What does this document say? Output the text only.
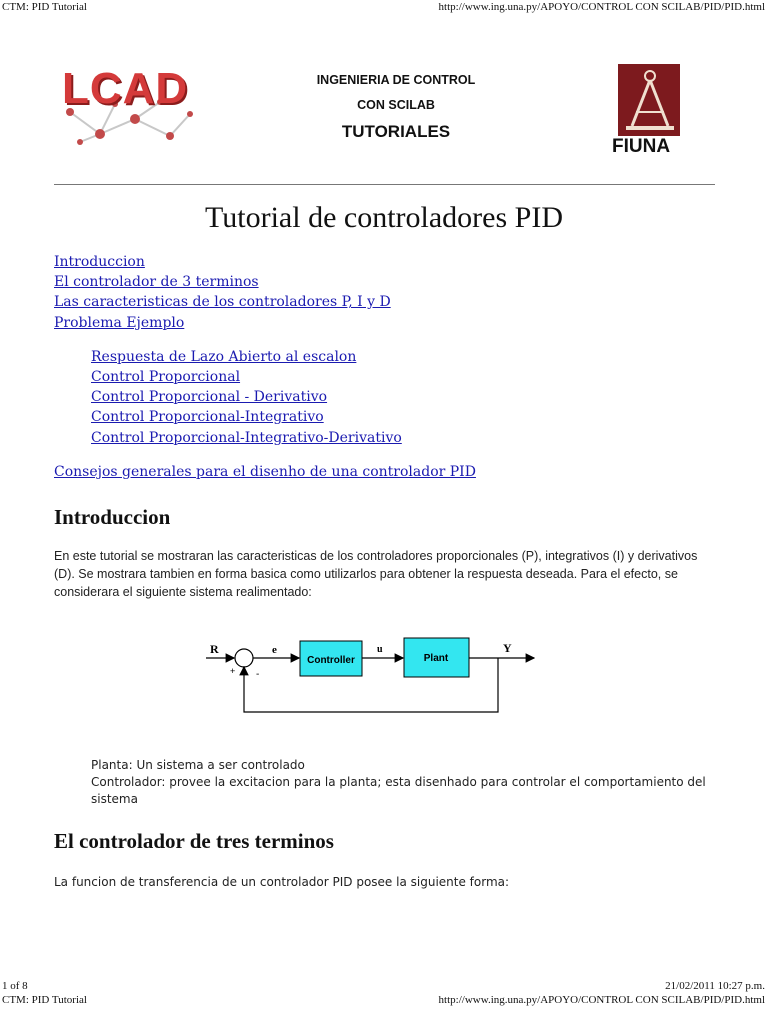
CTM: PID Tutorial	http://www.ing.una.py/APOYO/CONTROL CON SCILAB/PID/PID.html
LCAD	INGENIERIA DE CONTROL
CON SCILAB
TUTORIALES
FIUNA
Tutorial de controladores PID
Introduccion
El controlador de 3 terminos
Las caracteristicas de los controladores P, I y D
Problema Ejemplo
Respuesta de Lazo Abierto al escalon
Control Proporcional
Control Proporcional - Derivativo
Control Proporcional-Integrativo
Control Proporcional-Integrativo-Derivativo
Consejos generales para el disenho de una controlador PID
Introduccion
En este tutorial se mostraran las caracteristicas de los controladores proporcionales (P), integrativos (I) y derivativos (D). Se mostrara tambien en forma basica como utilizarlos para obtener la respuesta deseada. Para el efecto, se considerara el siguiente sistema realimentado:
R
+ -
e
Controller
u
Plant
Y
Planta: Un sistema a ser controlado
Controlador: provee la excitacion para la planta; esta disenhado para controlar el comportamiento del sistema
El controlador de tres terminos
La funcion de transferencia de un controlador PID posee la siguiente forma:
1 of 8	21/02/2011 10:27 p.m.
CTM: PID Tutorial	http://www.ing.una.py/APOYO/CONTROL CON SCILAB/PID/PID.html
